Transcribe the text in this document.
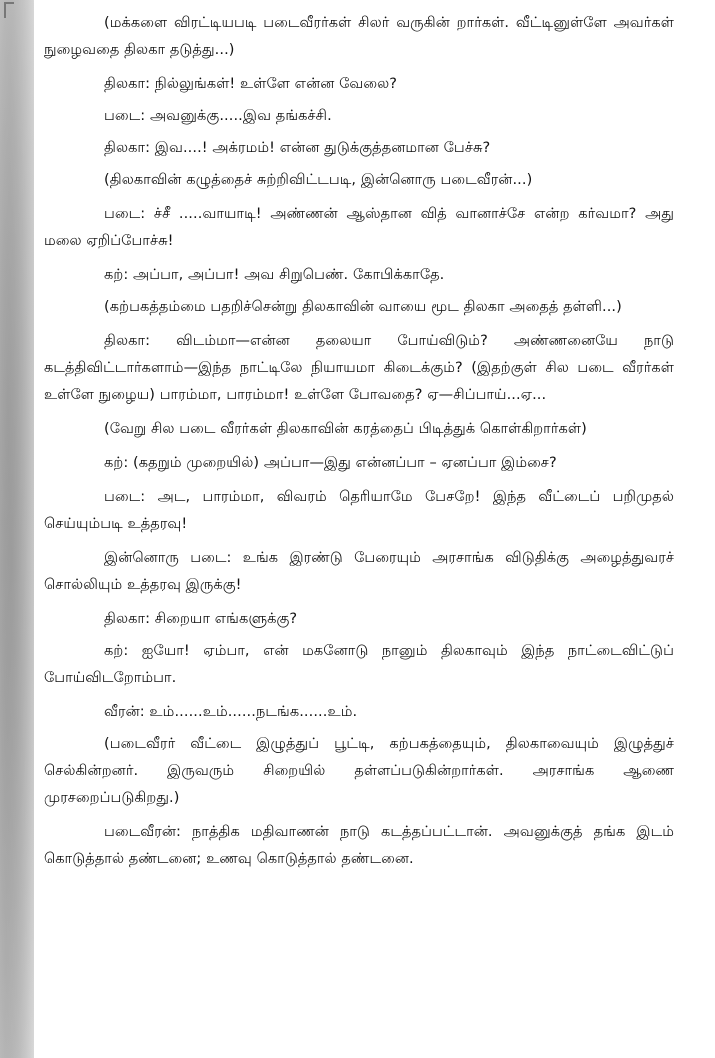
(மக்களை விரட்டியபடி படைவீரர்கள் சிலர் வருகின் றார்கள். வீட்டினுள்ளே அவர்கள் நுழைவதை திலகா தடுத்து...)

திலகா: நில்லுங்கள்! உள்ளே என்ன வேலை?

படை: அவனுக்கு.....இவ தங்கச்சி.

திலகா: இவ....! அக்ரமம்! என்ன துடுக்குத்தனமான பேச்சு?

(திலகாவின் கழுத்தைச் சுற்றிவிட்டபடி, இன்னொரு படைவீரன்...)

படை: ச்சீ .....வாயாடி! அண்ணன் ஆஸ்தான வித் வானாச்சே என்ற கர்வமா? அது மலை ஏறிப்போச்சு!

கற்: அப்பா, அப்பா! அவ சிறுபெண். கோபிக்காதே.

(கற்பகத்தம்மை பதறிச்சென்று திலகாவின் வாயை மூட திலகா அதைத் தள்ளி...)

திலகா: விடம்மா—என்ன தலையா போய்விடும்? அண்ணனையே நாடு கடத்திவிட்டார்களாம்—இந்த நாட்டிலே நியாயமா கிடைக்கும்? (இதற்குள் சில படை வீரர்கள் உள்ளே நுழைய) பாரம்மா, பாரம்மா! உள்ளே போவதை? ஏ—சிப்பாய்...ஏ...

(வேறு சில படை வீரர்கள் திலகாவின் கரத்தைப் பிடித்துக் கொள்கிறார்கள்)

கற்: (கதறும் முறையில்) அப்பா—இது என்னப்பா – ஏனப்பா இம்சை?

படை: அட, பாரம்மா, விவரம் தெரியாமே பேசறே! இந்த வீட்டைப் பறிமுதல் செய்யும்படி உத்தரவு!

இன்னொரு படை: உங்க இரண்டு பேரையும் அரசாங்க விடுதிக்கு அழைத்துவரச் சொல்லியும் உத்தரவு இருக்கு!

திலகா: சிறையா எங்களுக்கு?

கற்: ஐயோ! ஏம்பா, என் மகனோடு நானும் திலகாவும் இந்த நாட்டைவிட்டுப் போய்விடறோம்பா.

வீரன்: உம்......உம்......நடங்க......உம்.

(படைவீரர் வீட்டை இழுத்துப் பூட்டி, கற்பகத்தையும், திலகாவையும் இழுத்துச் செல்கின்றனர். இருவரும் சிறையில் தள்ளப்படுகின்றார்கள். அரசாங்க ஆணை முரசறைப்படுகிறது.)

படைவீரன்: நாத்திக மதிவாணன் நாடு கடத்தப்பட்டான். அவனுக்குத் தங்க இடம் கொடுத்தால் தண்டனை; உணவு கொடுத்தால் தண்டனை.
